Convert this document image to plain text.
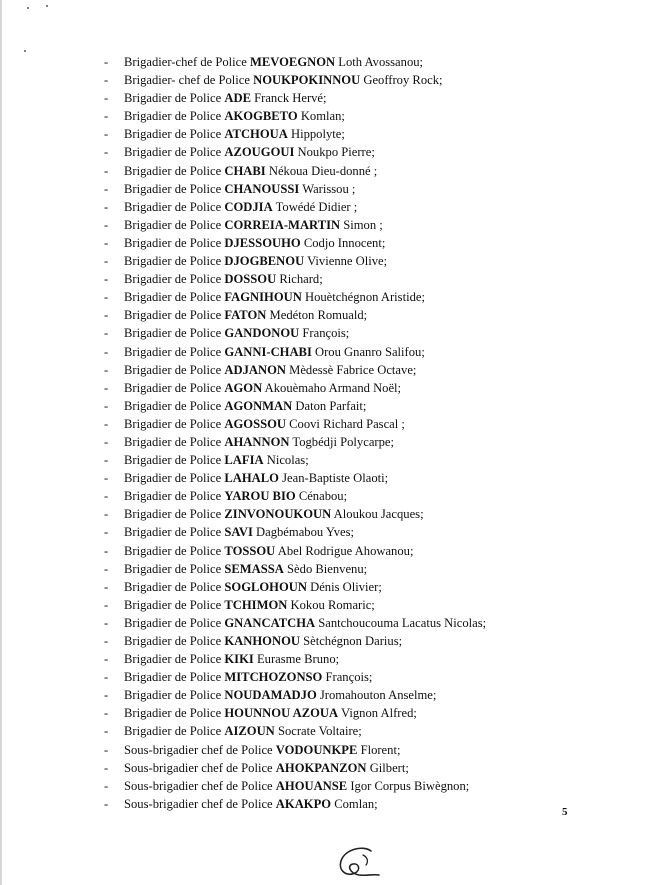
-	Brigadier-chef de Police MEVOEGNON Loth Avossanou;
-	Brigadier- chef de Police NOUKPOKINNOU Geoffroy Rock;
-	Brigadier de Police ADE Franck Hervé;
-	Brigadier de Police AKOGBETO Komlan;
-	Brigadier de Police ATCHOUA Hippolyte;
-	Brigadier de Police AZOUGOUI Noukpo Pierre;
-	Brigadier de Police CHABI Nékoua Dieu-donné ;
-	Brigadier de Police CHANOUSSI Warissou ;
-	Brigadier de Police CODJIA Towédé Didier ;
-	Brigadier de Police CORREIA-MARTIN Simon ;
-	Brigadier de Police DJESSOUHO Codjo Innocent;
-	Brigadier de Police DJOGBENOU Vivienne Olive;
-	Brigadier de Police DOSSOU Richard;
-	Brigadier de Police FAGNIHOUN Houètchégnon Aristide;
-	Brigadier de Police FATON Medéton Romuald;
-	Brigadier de Police GANDONOU François;
-	Brigadier de Police GANNI-CHABI Orou Gnanro Salifou;
-	Brigadier de Police ADJANON Mèdessè Fabrice Octave;
-	Brigadier de Police AGON Akouèmaho Armand Noël;
-	Brigadier de Police AGONMAN Daton Parfait;
-	Brigadier de Police AGOSSOU Coovi Richard Pascal ;
-	Brigadier de Police AHANNON Togbédji Polycarpe;
-	Brigadier de Police LAFIA Nicolas;
-	Brigadier de Police LAHALO Jean-Baptiste Olaoti;
-	Brigadier de Police YAROU BIO Cénabou;
-	Brigadier de Police ZINVONOUKOUN Aloukou Jacques;
-	Brigadier de Police SAVI Dagbémabou Yves;
-	Brigadier de Police TOSSOU Abel Rodrigue Ahowanou;
-	Brigadier de Police SEMASSA Sèdo Bienvenu;
-	Brigadier de Police SOGLOHOUN Dénis Olivier;
-	Brigadier de Police TCHIMON Kokou Romaric;
-	Brigadier de Police GNANCATCHA Santchoucouma Lacatus Nicolas;
-	Brigadier de Police KANHONOU Sètchégnon Darius;
-	Brigadier de Police KIKI Eurasme Bruno;
-	Brigadier de Police MITCHOZONSO François;
-	Brigadier de Police NOUDAMADJO Jromahouton Anselme;
-	Brigadier de Police HOUNNOU AZOUA Vignon Alfred;
-	Brigadier de Police AIZOUN Socrate Voltaire;
-	Sous-brigadier chef de Police VODOUNKPE Florent;
-	Sous-brigadier chef de Police AHOKPANZON Gilbert;
-	Sous-brigadier chef de Police AHOUANSE Igor Corpus Biwègnon;
-	Sous-brigadier chef de Police AKAKPO Comlan;
5
